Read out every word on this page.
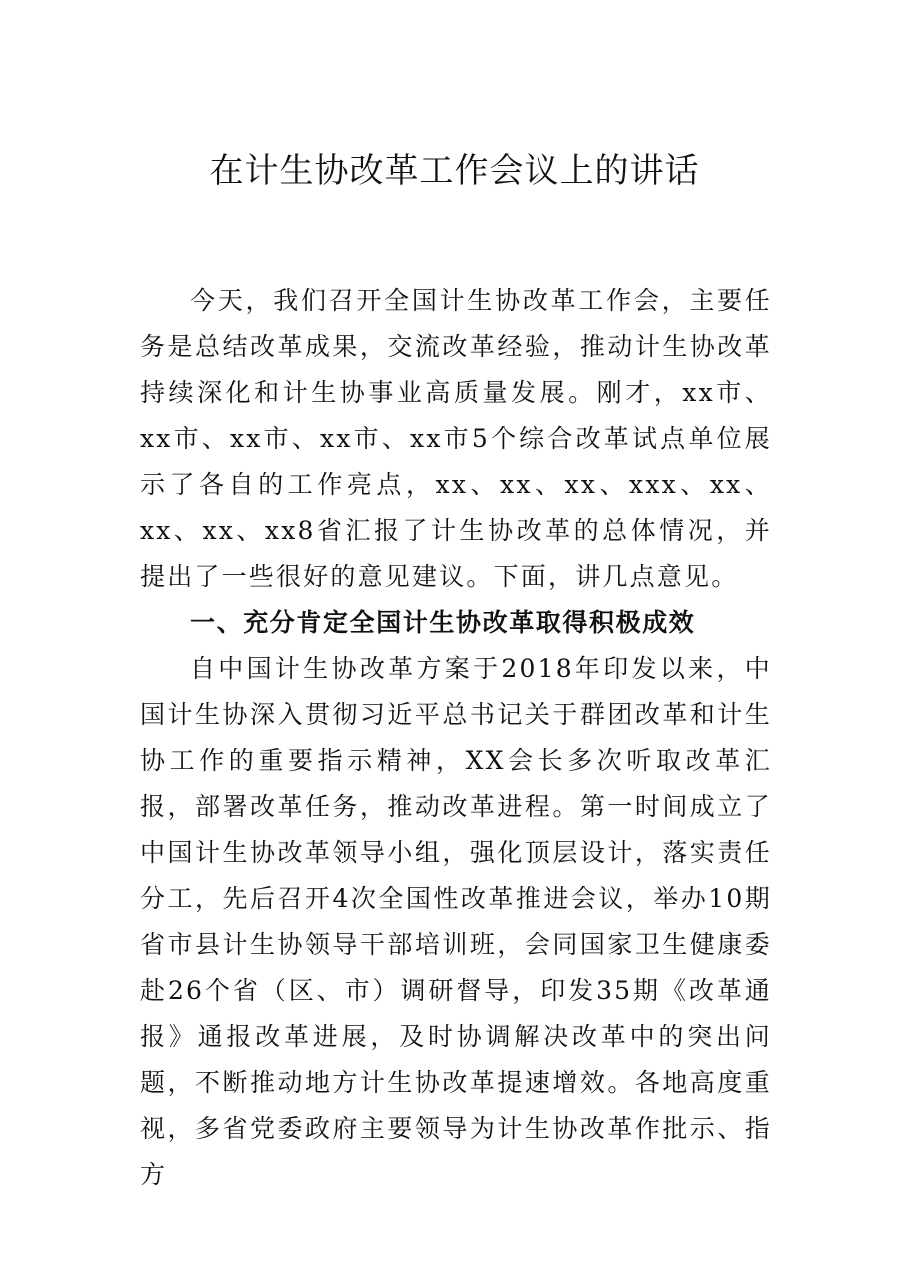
在计生协改革工作会议上的讲话

今天，我们召开全国计生协改革工作会，主要任务是总结改革成果，交流改革经验，推动计生协改革持续深化和计生协事业高质量发展。刚才，xx市、xx市、xx市、xx市、xx市5个综合改革试点单位展示了各自的工作亮点，xx、xx、xx、xxx、xx、xx、xx、xx8省汇报了计生协改革的总体情况，并提出了一些很好的意见建议。下面，讲几点意见。

一、充分肯定全国计生协改革取得积极成效

自中国计生协改革方案于2018年印发以来，中国计生协深入贯彻习近平总书记关于群团改革和计生协工作的重要指示精神，XX会长多次听取改革汇报，部署改革任务，推动改革进程。第一时间成立了中国计生协改革领导小组，强化顶层设计，落实责任分工，先后召开4次全国性改革推进会议，举办10期省市县计生协领导干部培训班，会同国家卫生健康委赴26个省（区、市）调研督导，印发35期《改革通报》通报改革进展，及时协调解决改革中的突出问题，不断推动地方计生协改革提速增效。各地高度重视，多省党委政府主要领导为计生协改革作批示、指方
